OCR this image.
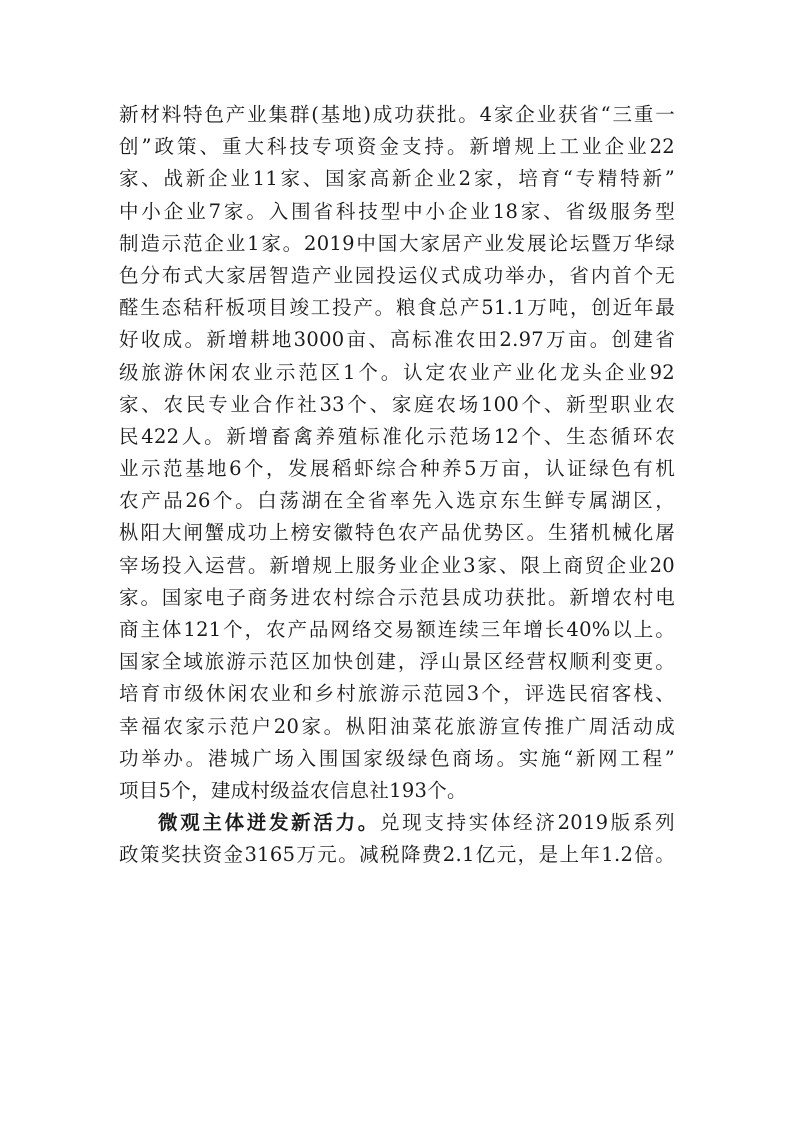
新材料特色产业集群(基地)成功获批。4家企业获省“三重一
创”政策、重大科技专项资金支持。新增规上工业企业22
家、战新企业11家、国家高新企业2家，培育“专精特新”
中小企业7家。入围省科技型中小企业18家、省级服务型
制造示范企业1家。2019中国大家居产业发展论坛暨万华绿
色分布式大家居智造产业园投运仪式成功举办，省内首个无
醛生态秸秆板项目竣工投产。粮食总产51.1万吨，创近年最
好收成。新增耕地3000亩、高标准农田2.97万亩。创建省
级旅游休闲农业示范区1个。认定农业产业化龙头企业92
家、农民专业合作社33个、家庭农场100个、新型职业农
民422人。新增畜禽养殖标准化示范场12个、生态循环农
业示范基地6个，发展稻虾综合种养5万亩，认证绿色有机
农产品26个。白荡湖在全省率先入选京东生鲜专属湖区，
枞阳大闸蟹成功上榜安徽特色农产品优势区。生猪机械化屠
宰场投入运营。新增规上服务业企业3家、限上商贸企业20
家。国家电子商务进农村综合示范县成功获批。新增农村电
商主体121个，农产品网络交易额连续三年增长40%以上。
国家全域旅游示范区加快创建，浮山景区经营权顺利变更。
培育市级休闲农业和乡村旅游示范园3个，评选民宿客栈、
幸福农家示范户20家。枞阳油菜花旅游宣传推广周活动成
功举办。港城广场入围国家级绿色商场。实施“新网工程”
项目5个，建成村级益农信息社193个。
微观主体迸发新活力。兑现支持实体经济2019版系列
政策奖扶资金3165万元。减税降费2.1亿元，是上年1.2倍。
